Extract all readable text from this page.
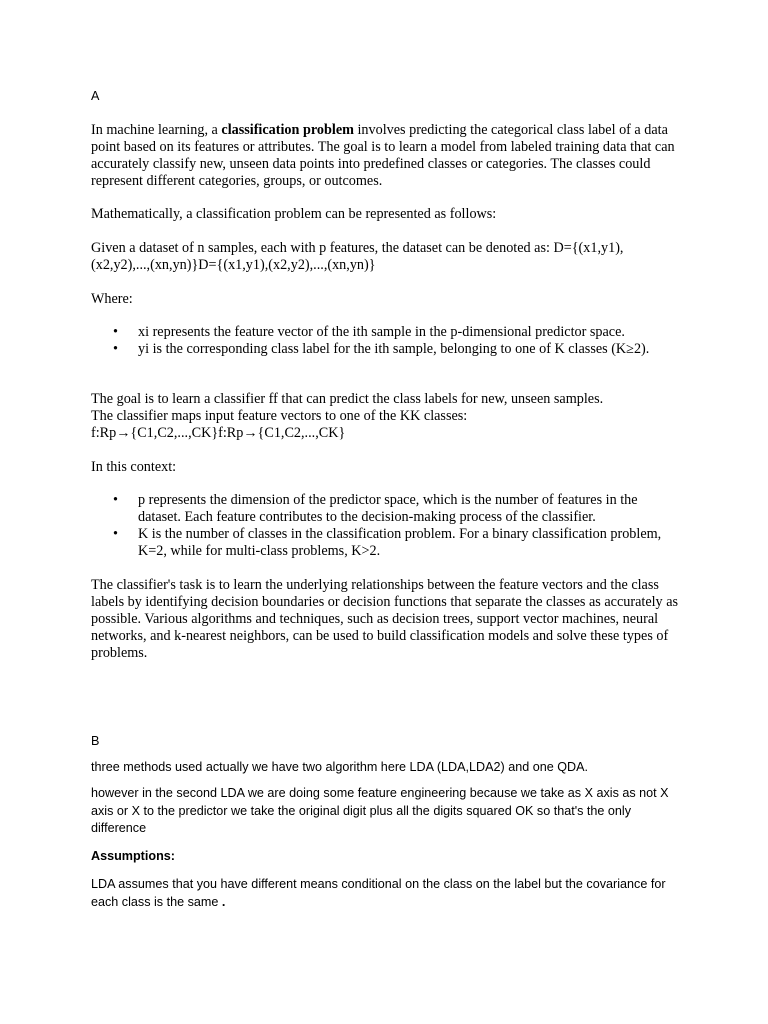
A

In machine learning, a classification problem involves predicting the categorical class label of a data point based on its features or attributes. The goal is to learn a model from labeled training data that can accurately classify new, unseen data points into predefined classes or categories. The classes could represent different categories, groups, or outcomes.

Mathematically, a classification problem can be represented as follows:

Given a dataset of n samples, each with p features, the dataset can be denoted as: D={(x1,y1),(x2,y2),...,(xn,yn)}D={(x1,y1),(x2,y2),...,(xn,yn)}

Where:

• xi represents the feature vector of the ith sample in the p-dimensional predictor space.
• yi is the corresponding class label for the ith sample, belonging to one of K classes (K≥2).
The goal is to learn a classifier ff that can predict the class labels for new, unseen samples.
The classifier maps input feature vectors to one of the KK classes:
f:Rp→{C1,C2,...,CK}f:Rp→{C1,C2,...,CK}

In this context:

• p represents the dimension of the predictor space, which is the number of features in the dataset. Each feature contributes to the decision-making process of the classifier.
• K is the number of classes in the classification problem. For a binary classification problem, K=2, while for multi-class problems, K>2.

The classifier's task is to learn the underlying relationships between the feature vectors and the class labels by identifying decision boundaries or decision functions that separate the classes as accurately as possible. Various algorithms and techniques, such as decision trees, support vector machines, neural networks, and k-nearest neighbors, can be used to build classification models and solve these types of problems.

B

three methods used actually we have two algorithm here LDA (LDA,LDA2) and one QDA.

however in the second LDA we are doing some feature engineering because we take as X axis as not X axis or X to the predictor we take the original digit plus all the digits squared OK so that's the only difference

Assumptions:

LDA assumes that you have different means conditional on the class on the label but the covariance for each class is the same .
